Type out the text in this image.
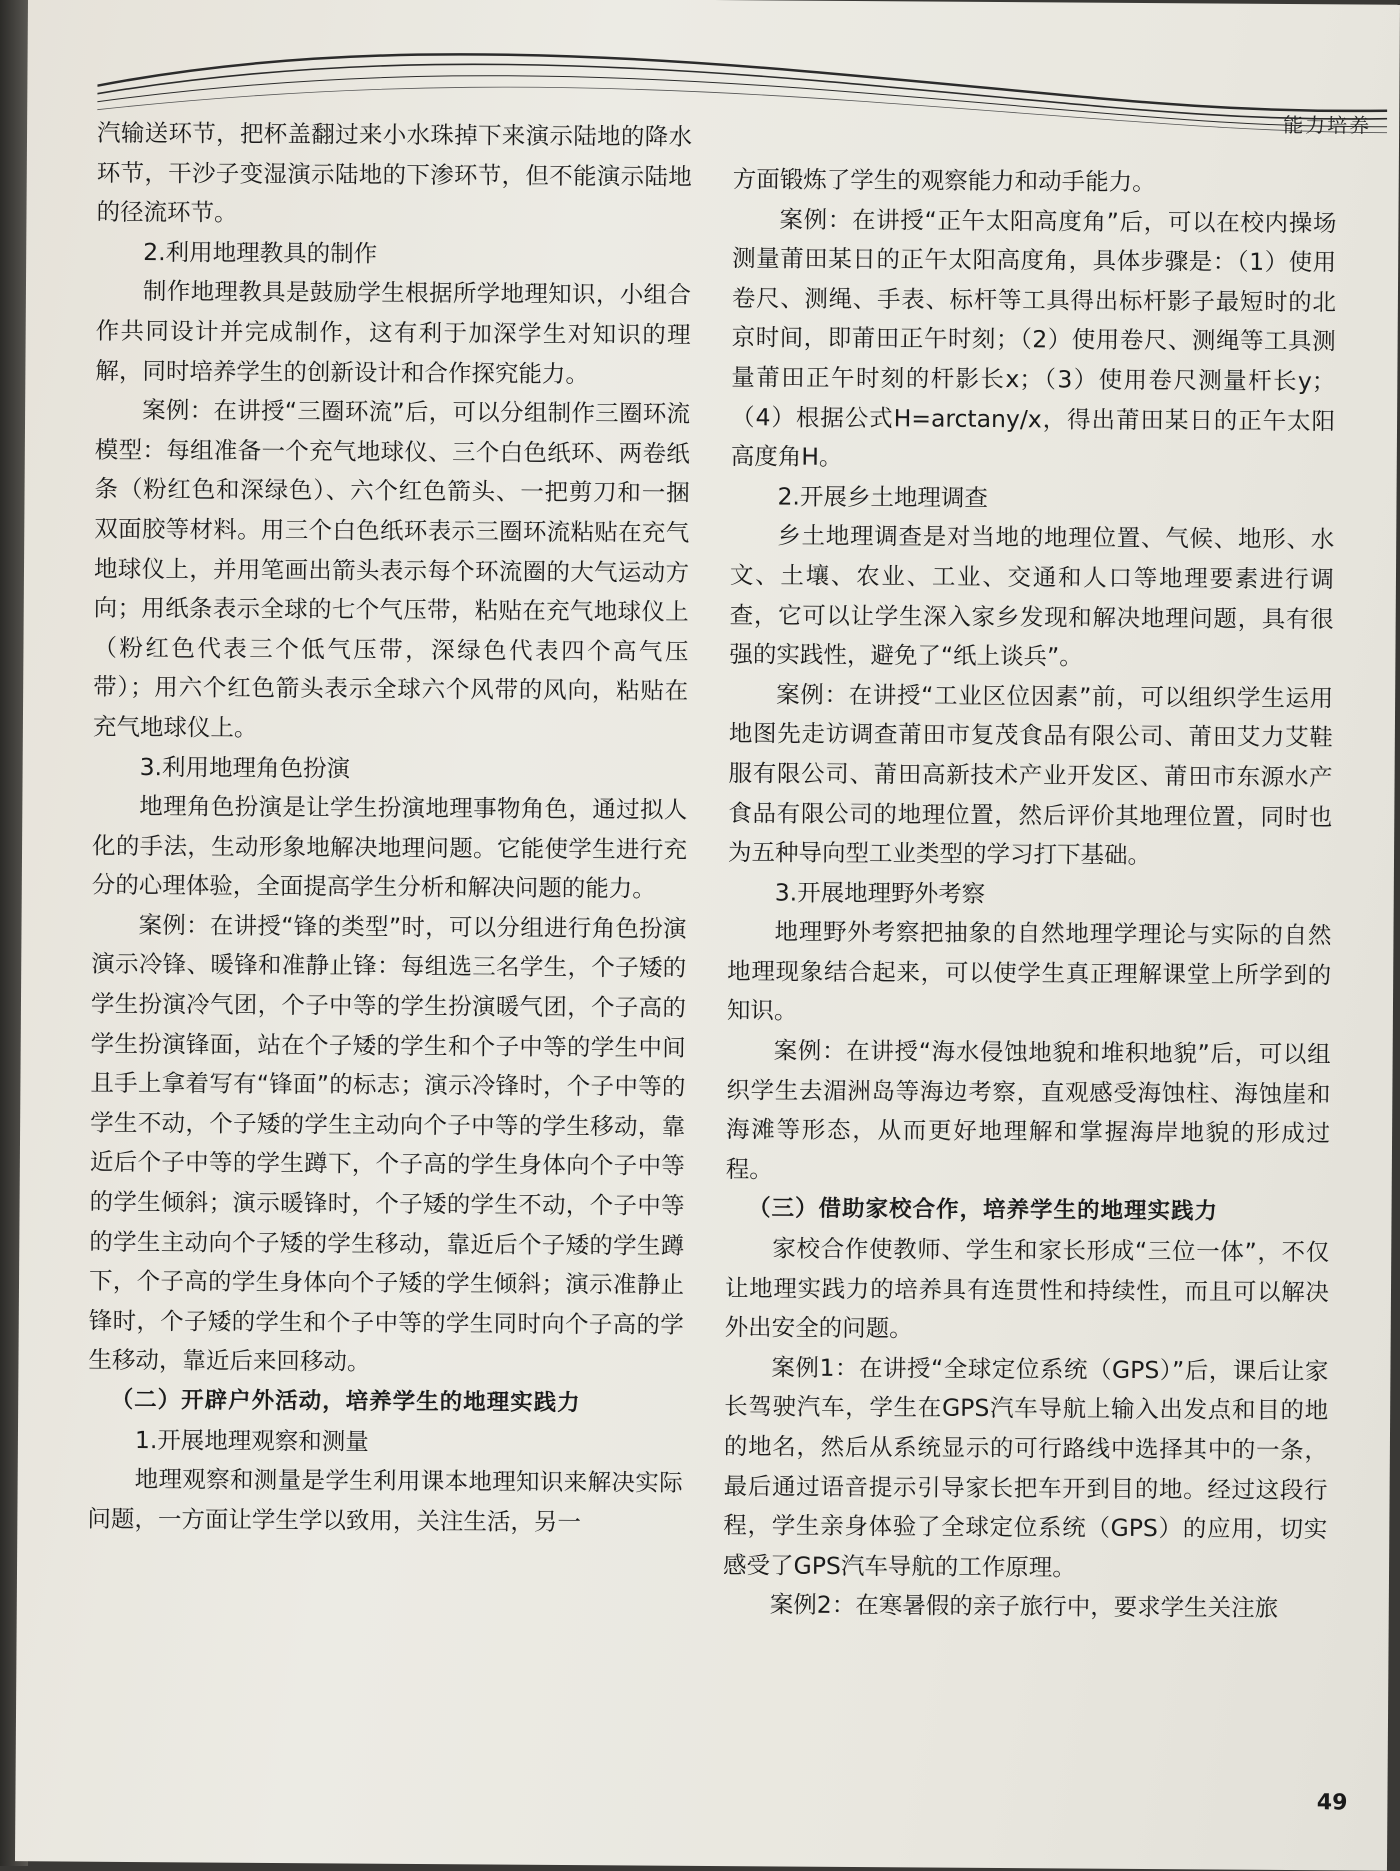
能力培养

汽输送环节，把杯盖翻过来小水珠掉下来演示陆地的降水环节，干沙子变湿演示陆地的下渗环节，但不能演示陆地的径流环节。

2.利用地理教具的制作

制作地理教具是鼓励学生根据所学地理知识，小组合作共同设计并完成制作，这有利于加深学生对知识的理解，同时培养学生的创新设计和合作探究能力。

案例：在讲授“三圈环流”后，可以分组制作三圈环流模型：每组准备一个充气地球仪、三个白色纸环、两卷纸条（粉红色和深绿色）、六个红色箭头、一把剪刀和一捆双面胶等材料。用三个白色纸环表示三圈环流粘贴在充气地球仪上，并用笔画出箭头表示每个环流圈的大气运动方向；用纸条表示全球的七个气压带，粘贴在充气地球仪上（粉红色代表三个低气压带，深绿色代表四个高气压带）；用六个红色箭头表示全球六个风带的风向，粘贴在充气地球仪上。

3.利用地理角色扮演

地理角色扮演是让学生扮演地理事物角色，通过拟人化的手法，生动形象地解决地理问题。它能使学生进行充分的心理体验，全面提高学生分析和解决问题的能力。

案例：在讲授“锋的类型”时，可以分组进行角色扮演演示冷锋、暖锋和准静止锋：每组选三名学生，个子矮的学生扮演冷气团，个子中等的学生扮演暖气团，个子高的学生扮演锋面，站在个子矮的学生和个子中等的学生中间且手上拿着写有“锋面”的标志；演示冷锋时，个子中等的学生不动，个子矮的学生主动向个子中等的学生移动，靠近后个子中等的学生蹲下，个子高的学生身体向个子中等的学生倾斜；演示暖锋时，个子矮的学生不动，个子中等的学生主动向个子矮的学生移动，靠近后个子矮的学生蹲下，个子高的学生身体向个子矮的学生倾斜；演示准静止锋时，个子矮的学生和个子中等的学生同时向个子高的学生移动，靠近后来回移动。

（二）开辟户外活动，培养学生的地理实践力
1.开展地理观察和测量

地理观察和测量是学生利用课本地理知识来解决实际问题，一方面让学生学以致用，关注生活，另一

方面锻炼了学生的观察能力和动手能力。

案例：在讲授“正午太阳高度角”后，可以在校内操场测量莆田某日的正午太阳高度角，具体步骤是：（1）使用卷尺、测绳、手表、标杆等工具得出标杆影子最短时的北京时间，即莆田正午时刻；（2）使用卷尺、测绳等工具测量莆田正午时刻的杆影长x；（3）使用卷尺测量杆长y；（4）根据公式H=arctany/x，得出莆田某日的正午太阳高度角H。

2.开展乡土地理调查

乡土地理调查是对当地的地理位置、气候、地形、水文、土壤、农业、工业、交通和人口等地理要素进行调查，它可以让学生深入家乡发现和解决地理问题，具有很强的实践性，避免了“纸上谈兵”。

案例：在讲授“工业区位因素”前，可以组织学生运用地图先走访调查莆田市复茂食品有限公司、莆田艾力艾鞋服有限公司、莆田高新技术产业开发区、莆田市东源水产食品有限公司的地理位置，然后评价其地理位置，同时也为五种导向型工业类型的学习打下基础。

3.开展地理野外考察

地理野外考察把抽象的自然地理学理论与实际的自然地理现象结合起来，可以使学生真正理解课堂上所学到的知识。

案例：在讲授“海水侵蚀地貌和堆积地貌”后，可以组织学生去湄洲岛等海边考察，直观感受海蚀柱、海蚀崖和海滩等形态，从而更好地理解和掌握海岸地貌的形成过程。

（三）借助家校合作，培养学生的地理实践力

家校合作使教师、学生和家长形成“三位一体”，不仅让地理实践力的培养具有连贯性和持续性，而且可以解决外出安全的问题。

案例1：在讲授“全球定位系统（GPS）”后，课后让家长驾驶汽车，学生在GPS汽车导航上输入出发点和目的地的地名，然后从系统显示的可行路线中选择其中的一条，最后通过语音提示引导家长把车开到目的地。经过这段行程，学生亲身体验了全球定位系统（GPS）的应用，切实感受了GPS汽车导航的工作原理。

案例2：在寒暑假的亲子旅行中，要求学生关注旅

49
